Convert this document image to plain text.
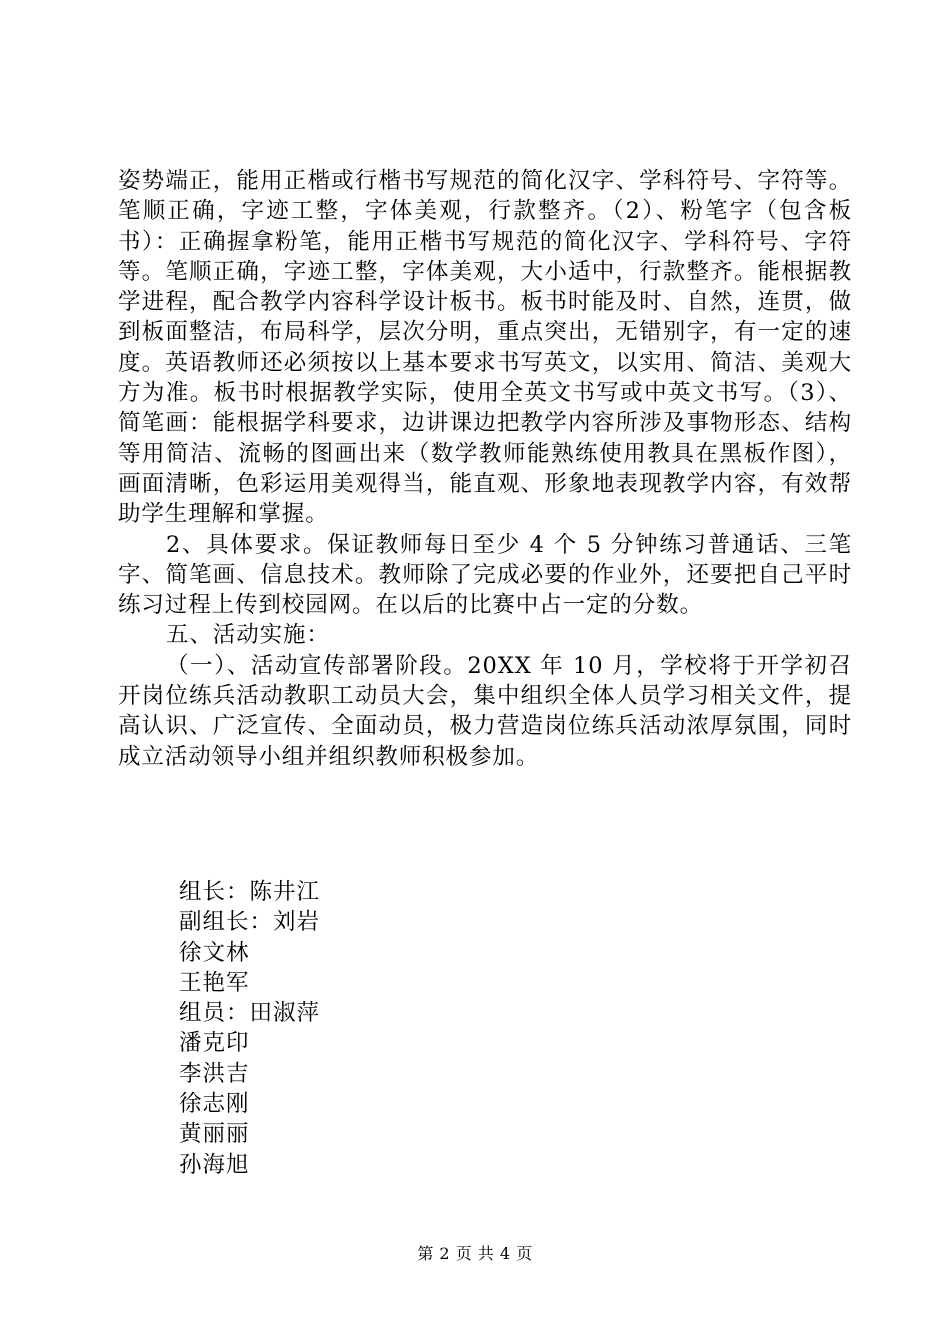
姿势端正，能用正楷或行楷书写规范的简化汉字、学科符号、字符等。笔顺正确，字迹工整，字体美观，行款整齐。（2）、粉笔字（包含板书）：正确握拿粉笔，能用正楷书写规范的简化汉字、学科符号、字符等。笔顺正确，字迹工整，字体美观，大小适中，行款整齐。能根据教学进程，配合教学内容科学设计板书。板书时能及时、自然，连贯，做到板面整洁，布局科学，层次分明，重点突出，无错别字，有一定的速度。英语教师还必须按以上基本要求书写英文，以实用、简洁、美观大方为准。板书时根据教学实际，使用全英文书写或中英文书写。（3）、简笔画：能根据学科要求，边讲课边把教学内容所涉及事物形态、结构等用简洁、流畅的图画出来（数学教师能熟练使用教具在黑板作图），画面清晰，色彩运用美观得当，能直观、形象地表现教学内容，有效帮助学生理解和掌握。

2、具体要求。保证教师每日至少 4 个 5 分钟练习普通话、三笔字、简笔画、信息技术。教师除了完成必要的作业外，还要把自己平时练习过程上传到校园网。在以后的比赛中占一定的分数。

五、活动实施：

（一）、活动宣传部署阶段。20XX 年 10 月，学校将于开学初召开岗位练兵活动教职工动员大会，集中组织全体人员学习相关文件，提高认识、广泛宣传、全面动员，极力营造岗位练兵活动浓厚氛围，同时成立活动领导小组并组织教师积极参加。

组长：陈井江
副组长：刘岩
徐文林
王艳军
组员：田淑萍
潘克印
李洪吉
徐志刚
黄丽丽
孙海旭
第 2 页 共 4 页
